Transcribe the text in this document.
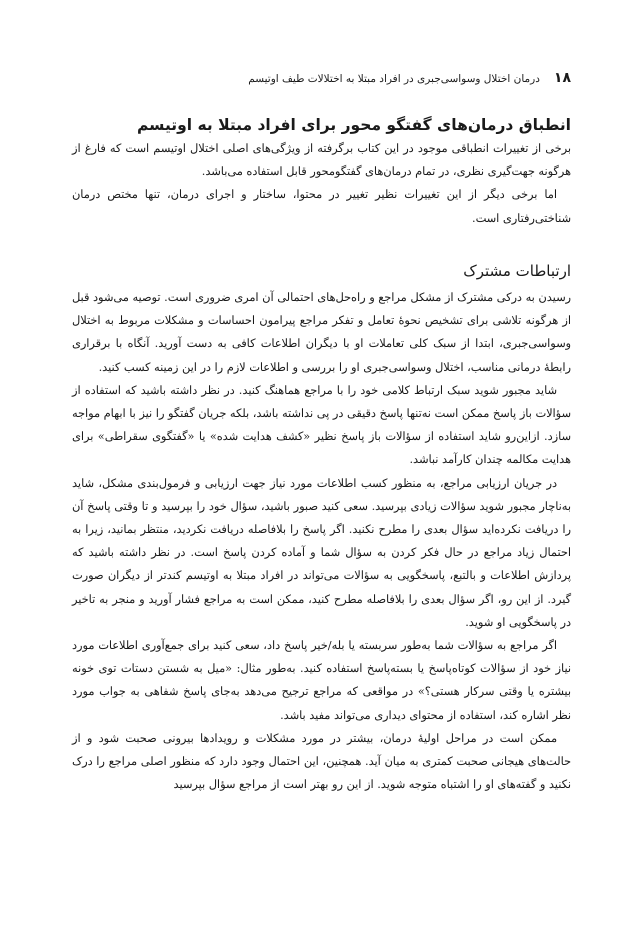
۱۸
درمان اختلال وسواسی‌جبری در افراد مبتلا به اختلالات طیف اوتیسم
انطباق درمان‌های گفتگو محور برای افراد مبتلا به اوتیسم

برخی از تغییرات انطباقی موجود در این کتاب برگرفته از ویژگی‌های اصلی اختلال اوتیسم است که فارغ از هرگونه جهت‌گیری نظری، در تمام درمان‌های گفتگومحور قابل استفاده می‌باشد.

اما برخی دیگر از این تغییرات نظیر تغییر در محتوا، ساختار و اجرای درمان، تنها مختص درمان شناختی‌رفتاری است.

ارتباطات مشترک

رسیدن به درکی مشترک از مشکل مراجع و راه‌حل‌های احتمالی آن امری ضروری است. توصیه می‌شود قبل از هرگونه تلاشی برای تشخیص نحوهٔ تعامل و تفکر مراجع پیرامون احساسات و مشکلات مربوط به اختلال وسواسی‌جبری، ابتدا از سبک کلی تعاملات او با دیگران اطلاعات کافی به دست آورید. آنگاه با برقراری رابطهٔ درمانی مناسب، اختلال وسواسی‌جبری او را بررسی و اطلاعات لازم را در این زمینه کسب کنید.

شاید مجبور شوید سبک ارتباط کلامی خود را با مراجع هماهنگ کنید. در نظر داشته باشید که استفاده از سؤالات باز پاسخ ممکن است نه‌تنها پاسخ دقیقی در پی نداشته باشد، بلکه جریان گفتگو را نیز با ابهام مواجه سازد. ازاین‌رو شاید استفاده از سؤالات باز پاسخ نظیر «کشف هدایت شده» یا «گفتگوی سقراطی» برای هدایت مکالمه چندان کارآمد نباشد.

در جریان ارزیابی مراجع، به منظور کسب اطلاعات مورد نیاز جهت ارزیابی و فرمول‌بندی مشکل، شاید به‌ناچار مجبور شوید سؤالات زیادی بپرسید. سعی کنید صبور باشید، سؤال خود را بپرسید و تا وقتی پاسخ آن را دریافت نکرده‌اید سؤال بعدی را مطرح نکنید. اگر پاسخ را بلافاصله دریافت نکردید، منتظر بمانید، زیرا به احتمال زیاد مراجع در حال فکر کردن به سؤال شما و آماده کردن پاسخ است. در نظر داشته باشید که پردازش اطلاعات و بالتبع، پاسخگویی به سؤالات می‌تواند در افراد مبتلا به اوتیسم کندتر از دیگران صورت گیرد. از این رو، اگر سؤال بعدی را بلافاصله مطرح کنید، ممکن است به مراجع فشار آورید و منجر به تاخیر در پاسخگویی او شوید.

اگر مراجع به سؤالات شما به‌طور سربسته یا بله/خیر پاسخ داد، سعی کنید برای جمع‌آوری اطلاعات مورد نیاز خود از سؤالات کوتاه‌پاسخ یا بسته‌پاسخ استفاده کنید. به‌طور مثال: «میل به شستن دستات توی خونه بیشتره یا وقتی سرکار هستی؟» در مواقعی که مراجع ترجیح می‌دهد به‌جای پاسخ شفاهی به جواب مورد نظر اشاره کند، استفاده از محتوای دیداری می‌تواند مفید باشد.

ممکن است در مراحل اولیهٔ درمان، بیشتر در مورد مشکلات و رویدادها بیرونی صحبت شود و از حالت‌های هیجانی صحبت کمتری به میان آید. همچنین، این احتمال وجود دارد که منظور اصلی مراجع را درک نکنید و گفته‌های او را اشتباه متوجه شوید. از این رو بهتر است از مراجع سؤال بپرسید
